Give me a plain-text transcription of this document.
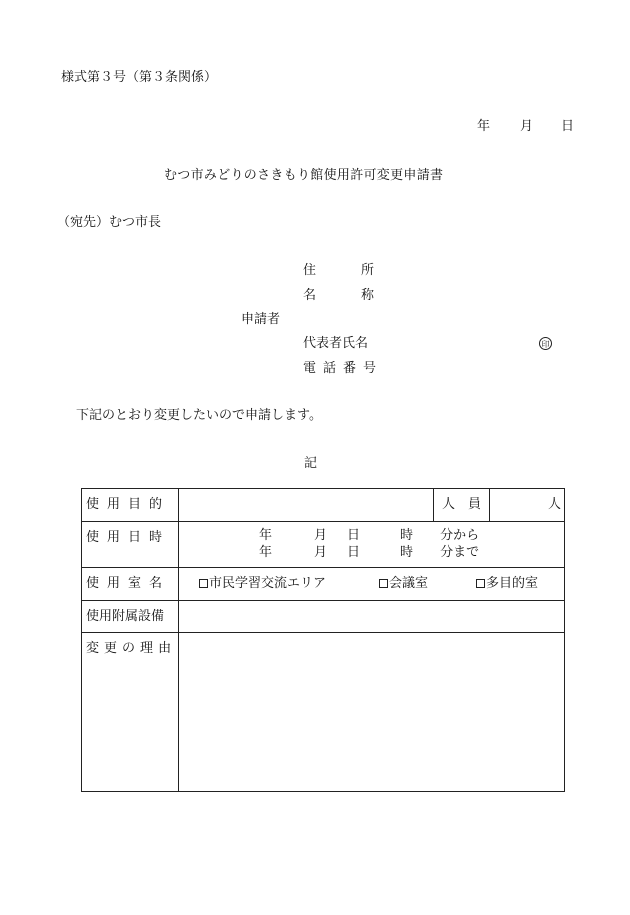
様式第３号（第３条関係）
年 月 日
むつ市みどりのさきもり館使用許可変更申請書
（宛先）むつ市長
住	所
名	称
申請者
代表者氏名	印
電 話 番 号
下記のとおり変更したいので申請します。
記
使 用 目 的		人 員	人

使 用 日 時	年 月 日 時 分から
年 月 日 時 分まで		

使 用 室 名	市民学習交流エリア 会議室 多目的室		

使用附属設備			
変 更 の 理 由			
